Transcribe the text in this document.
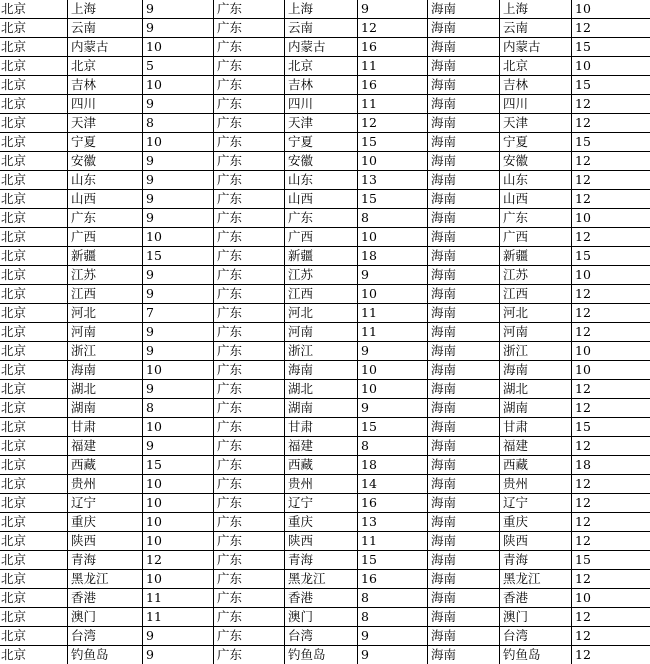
北京	上海	9	广东	上海	9	海南	上海	10
北京	云南	9	广东	云南	12	海南	云南	12
北京	内蒙古	10	广东	内蒙古	16	海南	内蒙古	15
北京	北京	5	广东	北京	11	海南	北京	10
北京	吉林	10	广东	吉林	16	海南	吉林	15
北京	四川	9	广东	四川	11	海南	四川	12
北京	天津	8	广东	天津	12	海南	天津	12
北京	宁夏	10	广东	宁夏	15	海南	宁夏	15
北京	安徽	9	广东	安徽	10	海南	安徽	12
北京	山东	9	广东	山东	13	海南	山东	12
北京	山西	9	广东	山西	15	海南	山西	12
北京	广东	9	广东	广东	8	海南	广东	10
北京	广西	10	广东	广西	10	海南	广西	12
北京	新疆	15	广东	新疆	18	海南	新疆	15
北京	江苏	9	广东	江苏	9	海南	江苏	10
北京	江西	9	广东	江西	10	海南	江西	12
北京	河北	7	广东	河北	11	海南	河北	12
北京	河南	9	广东	河南	11	海南	河南	12
北京	浙江	9	广东	浙江	9	海南	浙江	10
北京	海南	10	广东	海南	10	海南	海南	10
北京	湖北	9	广东	湖北	10	海南	湖北	12
北京	湖南	8	广东	湖南	9	海南	湖南	12
北京	甘肃	10	广东	甘肃	15	海南	甘肃	15
北京	福建	9	广东	福建	8	海南	福建	12
北京	西藏	15	广东	西藏	18	海南	西藏	18
北京	贵州	10	广东	贵州	14	海南	贵州	12
北京	辽宁	10	广东	辽宁	16	海南	辽宁	12
北京	重庆	10	广东	重庆	13	海南	重庆	12
北京	陕西	10	广东	陕西	11	海南	陕西	12
北京	青海	12	广东	青海	15	海南	青海	15
北京	黑龙江	10	广东	黑龙江	16	海南	黑龙江	12
北京	香港	11	广东	香港	8	海南	香港	10
北京	澳门	11	广东	澳门	8	海南	澳门	12
北京	台湾	9	广东	台湾	9	海南	台湾	12
北京	钓鱼岛	9	广东	钓鱼岛	9	海南	钓鱼岛	12
